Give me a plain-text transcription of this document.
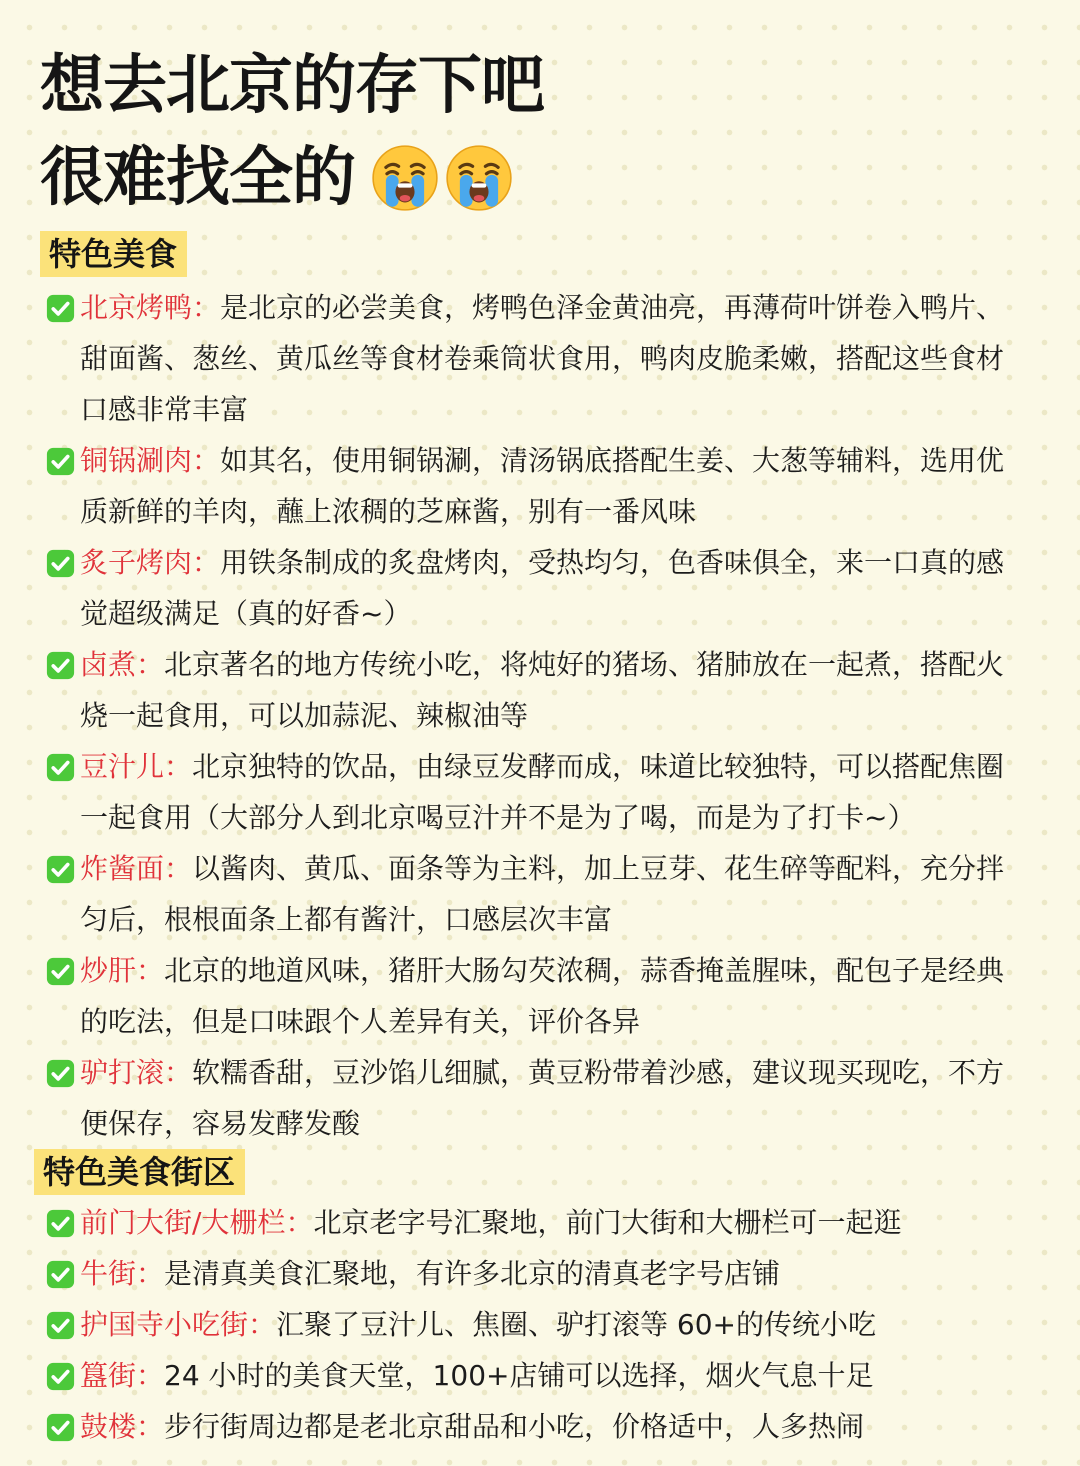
想去北京的存下吧
很难找全的
特色美食
北京烤鸭：是北京的必尝美食，烤鸭色泽金黄油亮，再薄荷叶饼卷入鸭片、
甜面酱、葱丝、黄瓜丝等食材卷乘筒状食用，鸭肉皮脆柔嫩，搭配这些食材
口感非常丰富
铜锅涮肉：如其名，使用铜锅涮，清汤锅底搭配生姜、大葱等辅料，选用优
质新鲜的羊肉，蘸上浓稠的芝麻酱，别有一番风味
炙子烤肉：用铁条制成的炙盘烤肉，受热均匀，色香味俱全，来一口真的感
觉超级满足（真的好香~）
卤煮：北京著名的地方传统小吃，将炖好的猪场、猪肺放在一起煮，搭配火
烧一起食用，可以加蒜泥、辣椒油等
豆汁儿：北京独特的饮品，由绿豆发酵而成，味道比较独特，可以搭配焦圈
一起食用（大部分人到北京喝豆汁并不是为了喝，而是为了打卡~）
炸酱面：以酱肉、黄瓜、面条等为主料，加上豆芽、花生碎等配料，充分拌
匀后，根根面条上都有酱汁，口感层次丰富
炒肝：北京的地道风味，猪肝大肠勾芡浓稠，蒜香掩盖腥味，配包子是经典
的吃法，但是口味跟个人差异有关，评价各异
驴打滚：软糯香甜，豆沙馅儿细腻，黄豆粉带着沙感，建议现买现吃，不方
便保存，容易发酵发酸
特色美食街区
前门大街/大栅栏：北京老字号汇聚地，前门大街和大栅栏可一起逛
牛街：是清真美食汇聚地，有许多北京的清真老字号店铺
护国寺小吃街：汇聚了豆汁儿、焦圈、驴打滚等 60+的传统小吃
簋街：24 小时的美食天堂，100+店铺可以选择，烟火气息十足
鼓楼：步行街周边都是老北京甜品和小吃，价格适中，人多热闹
